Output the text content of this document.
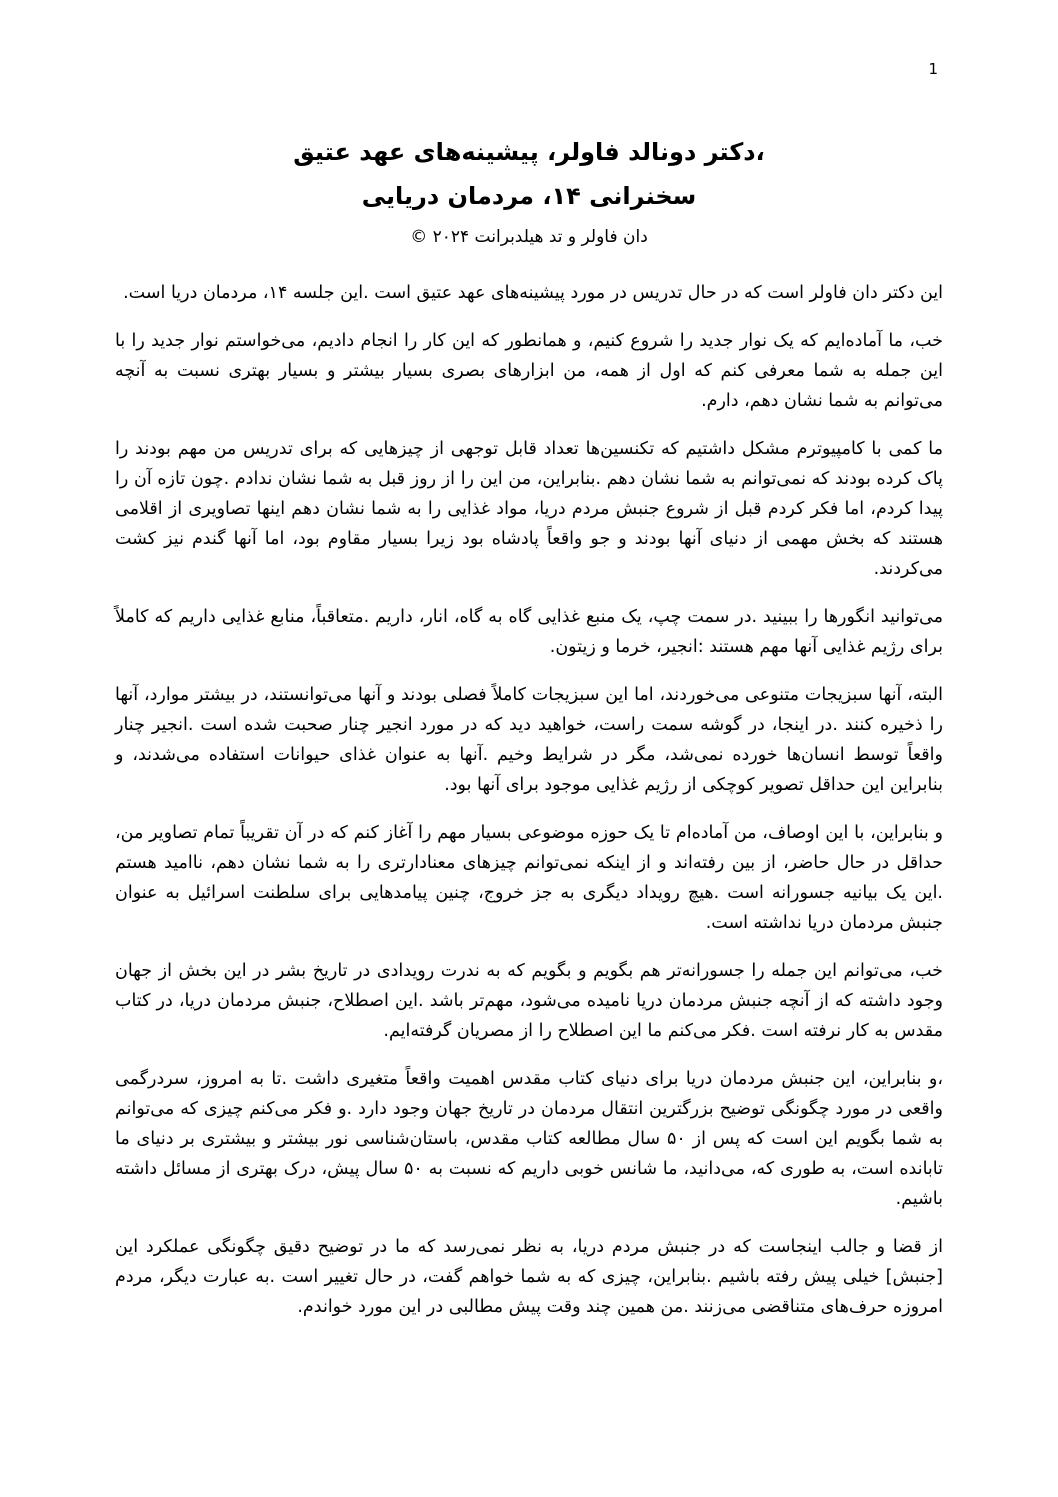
1
،دکتر دونالد فاولر، پیشینه‌های عهد عتیق
سخنرانی ۱۴، مردمان دریایی
دان فاولر و تد هیلدبرانت ۲۰۲۴ ©

این دکتر دان فاولر است که در حال تدریس در مورد پیشینه‌های عهد عتیق است .این جلسه ۱۴، مردمان دریا است.

خب، ما آماده‌ایم که یک نوار جدید را شروع کنیم، و همانطور که این کار را انجام دادیم، می‌خواستم نوار جدید را با این جمله به شما معرفی کنم که اول از همه، من ابزارهای بصری بسیار بیشتر و بسیار بهتری نسبت به آنچه می‌توانم به شما نشان دهم، دارم.

ما کمی با کامپیوترم مشکل داشتیم که تکنسین‌ها تعداد قابل توجهی از چیزهایی که برای تدریس من مهم بودند را پاک کرده بودند که نمی‌توانم به شما نشان دهم .بنابراین، من این را از روز قبل به شما نشان ندادم .چون تازه آن را پیدا کردم، اما فکر کردم قبل از شروع جنبش مردم دریا، مواد غذایی را به شما نشان دهم اینها تصاویری از اقلامی هستند که بخش مهمی از دنیای آنها بودند و جو واقعاً پادشاه بود زیرا بسیار مقاوم بود، اما آنها گندم نیز کشت می‌کردند.

می‌توانید انگورها را ببینید .در سمت چپ، یک منبع غذایی گاه به گاه، انار، داریم .متعاقباً، منابع غذایی داریم که کاملاً برای رژیم غذایی آنها مهم هستند :انجیر، خرما و زیتون.

البته، آنها سبزیجات متنوعی می‌خوردند، اما این سبزیجات کاملاً فصلی بودند و آنها می‌توانستند، در بیشتر موارد، آنها را ذخیره کنند .در اینجا، در گوشه سمت راست، خواهید دید که در مورد انجیر چنار صحبت شده است .انجیر چنار واقعاً توسط انسان‌ها خورده نمی‌شد، مگر در شرایط وخیم .آنها به عنوان غذای حیوانات استفاده می‌شدند، و بنابراین این حداقل تصویر کوچکی از رژیم غذایی موجود برای آنها بود.

و بنابراین، با این اوصاف، من آماده‌ام تا یک حوزه موضوعی بسیار مهم را آغاز کنم که در آن تقریباً تمام تصاویر من، حداقل در حال حاضر، از بین رفته‌اند و از اینکه نمی‌توانم چیزهای معنادارتری را به شما نشان دهم، ناامید هستم .این یک بیانیه جسورانه است .هیچ رویداد دیگری به جز خروج، چنین پیامدهایی برای سلطنت اسرائیل به عنوان جنبش مردمان دریا نداشته است.

خب، می‌توانم این جمله را جسورانه‌تر هم بگویم و بگویم که به ندرت رویدادی در تاریخ بشر در این بخش از جهان وجود داشته که از آنچه جنبش مردمان دریا نامیده می‌شود، مهم‌تر باشد .این اصطلاح، جنبش مردمان دریا، در کتاب مقدس به کار نرفته است .فکر می‌کنم ما این اصطلاح را از مصریان گرفته‌ایم.

،و بنابراین، این جنبش مردمان دریا برای دنیای کتاب مقدس اهمیت واقعاً متغیری داشت .تا به امروز، سردرگمی واقعی در مورد چگونگی توضیح بزرگترین انتقال مردمان در تاریخ جهان وجود دارد .و فکر می‌کنم چیزی که می‌توانم به شما بگویم این است که پس از ۵۰ سال مطالعه کتاب مقدس، باستان‌شناسی نور بیشتر و بیشتری بر دنیای ما تابانده است، به طوری که، می‌دانید، ما شانس خوبی داریم که نسبت به ۵۰ سال پیش، درک بهتری از مسائل داشته باشیم.

از قضا و جالب اینجاست که در جنبش مردم دریا، به نظر نمی‌رسد که ما در توضیح دقیق چگونگی عملکرد این [جنبش] خیلی پیش رفته باشیم .بنابراین، چیزی که به شما خواهم گفت، در حال تغییر است .به عبارت دیگر، مردم امروزه حرف‌های متناقضی می‌زنند .من همین چند وقت پیش مطالبی در این مورد خواندم.
